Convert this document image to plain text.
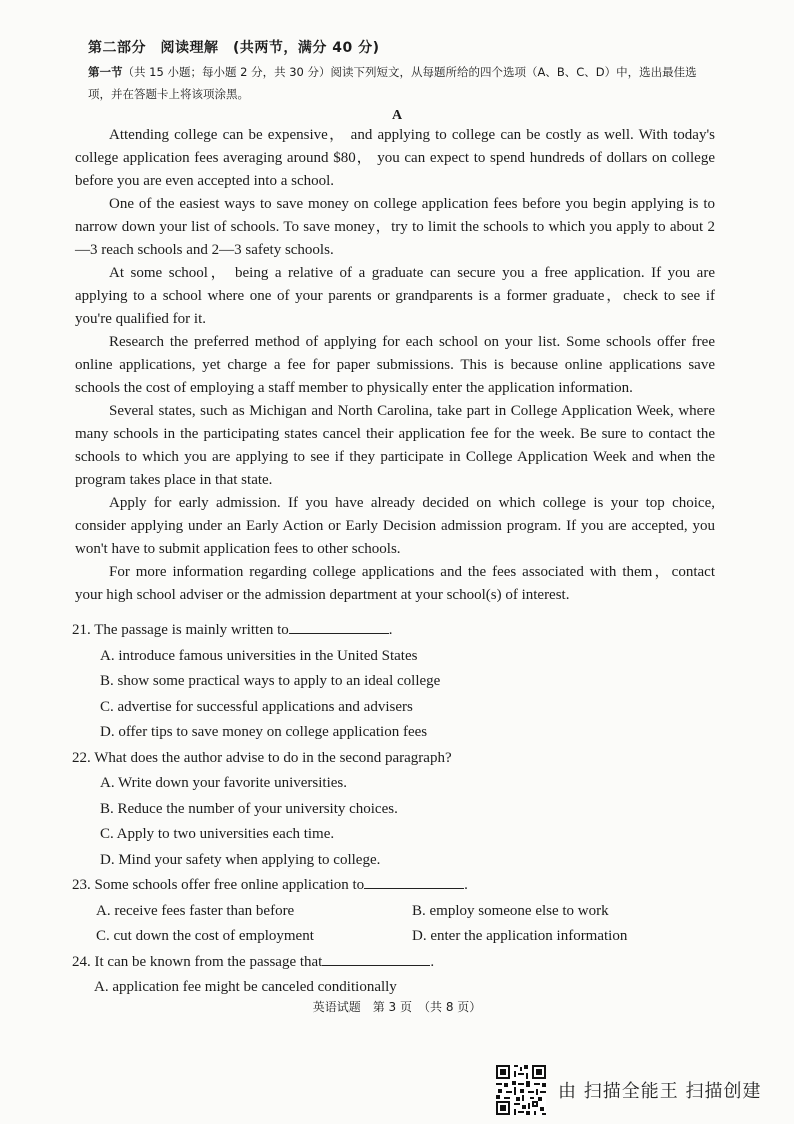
第二部分　阅读理解　(共两节，满分 40 分)
第一节（共 15 小题；每小题 2 分，共 30 分）阅读下列短文，从每题所给的四个选项（A、B、C、D）中，选出最佳选项，并在答题卡上将该项涂黑。
A

Attending college can be expensive， and applying to college can be costly as well. With today's college application fees averaging around $80， you can expect to spend hundreds of dollars on college before you are even accepted into a school.

One of the easiest ways to save money on college application fees before you begin applying is to narrow down your list of schools. To save money，try to limit the schools to which you apply to about 2—3 reach schools and 2—3 safety schools.

At some school， being a relative of a graduate can secure you a free application. If you are applying to a school where one of your parents or grandparents is a former graduate，check to see if you're qualified for it.

Research the preferred method of applying for each school on your list. Some schools offer free online applications, yet charge a fee for paper submissions. This is because online applications save schools the cost of employing a staff member to physically enter the application information.

Several states, such as Michigan and North Carolina, take part in College Application Week, where many schools in the participating states cancel their application fee for the week. Be sure to contact the schools to which you are applying to see if they participate in College Application Week and when the program takes place in that state.

Apply for early admission. If you have already decided on which college is your top choice, consider applying under an Early Action or Early Decision admission program. If you are accepted, you won't have to submit application fees to other schools.

For more information regarding college applications and the fees associated with them，contact your high school adviser or the admission department at your school(s) of interest.

21. The passage is mainly written to	.
A. introduce famous universities in the United States
B. show some practical ways to apply to an ideal college
C. advertise for successful applications and advisers
D. offer tips to save money on college application fees
22. What does the author advise to do in the second paragraph?
A. Write down your favorite universities.
B. Reduce the number of your university choices.
C. Apply to two universities each time.
D. Mind your safety when applying to college.
23. Some schools offer free online application to	.
A. receive fees faster than before	B. employ someone else to work
C. cut down the cost of employment	D. enter the application information
24. It can be known from the passage that	.
A. application fee might be canceled conditionally
英语试题　第 3 页　（共 8 页）
由 扫描全能王 扫描创建
